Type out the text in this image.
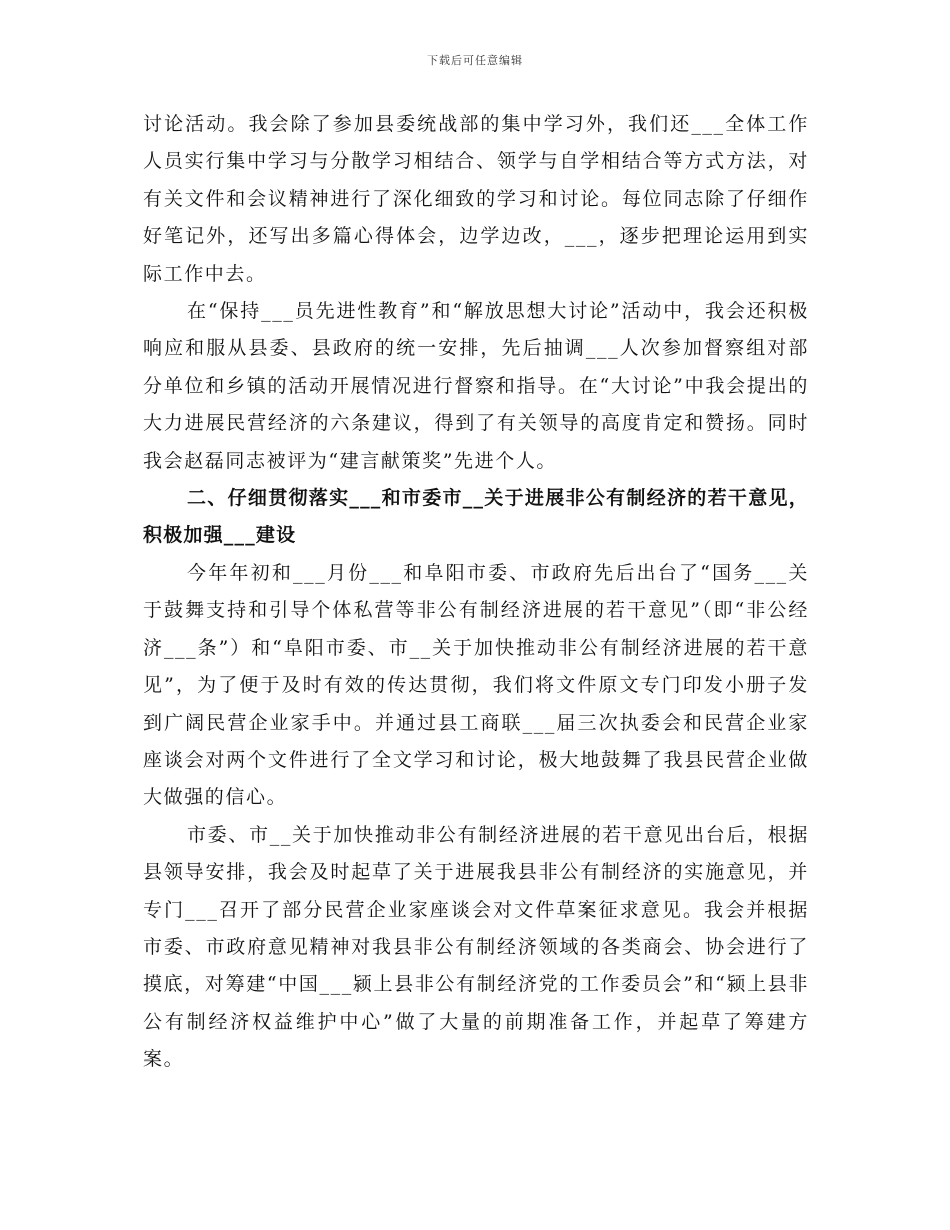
下载后可任意编辑

讨论活动。我会除了参加县委统战部的集中学习外，我们还___全体工作人员实行集中学习与分散学习相结合、领学与自学相结合等方式方法，对有关文件和会议精神进行了深化细致的学习和讨论。每位同志除了仔细作好笔记外，还写出多篇心得体会，边学边改，___，逐步把理论运用到实际工作中去。

在“保持___员先进性教育”和“解放思想大讨论”活动中，我会还积极响应和服从县委、县政府的统一安排，先后抽调___人次参加督察组对部分单位和乡镇的活动开展情况进行督察和指导。在“大讨论”中我会提出的大力进展民营经济的六条建议，得到了有关领导的高度肯定和赞扬。同时我会赵磊同志被评为“建言献策奖”先进个人。

二、仔细贯彻落实___和市委市__关于进展非公有制经济的若干意见，积极加强___建设

今年年初和___月份___和阜阳市委、市政府先后出台了“国务___关于鼓舞支持和引导个体私营等非公有制经济进展的若干意见”（即“非公经济___条”）和“阜阳市委、市__关于加快推动非公有制经济进展的若干意见”，为了便于及时有效的传达贯彻，我们将文件原文专门印发小册子发到广阔民营企业家手中。并通过县工商联___届三次执委会和民营企业家座谈会对两个文件进行了全文学习和讨论，极大地鼓舞了我县民营企业做大做强的信心。

市委、市__关于加快推动非公有制经济进展的若干意见出台后，根据县领导安排，我会及时起草了关于进展我县非公有制经济的实施意见，并专门___召开了部分民营企业家座谈会对文件草案征求意见。我会并根据市委、市政府意见精神对我县非公有制经济领域的各类商会、协会进行了摸底，对筹建“中国___颍上县非公有制经济党的工作委员会”和“颍上县非公有制经济权益维护中心”做了大量的前期准备工作，并起草了筹建方案。
